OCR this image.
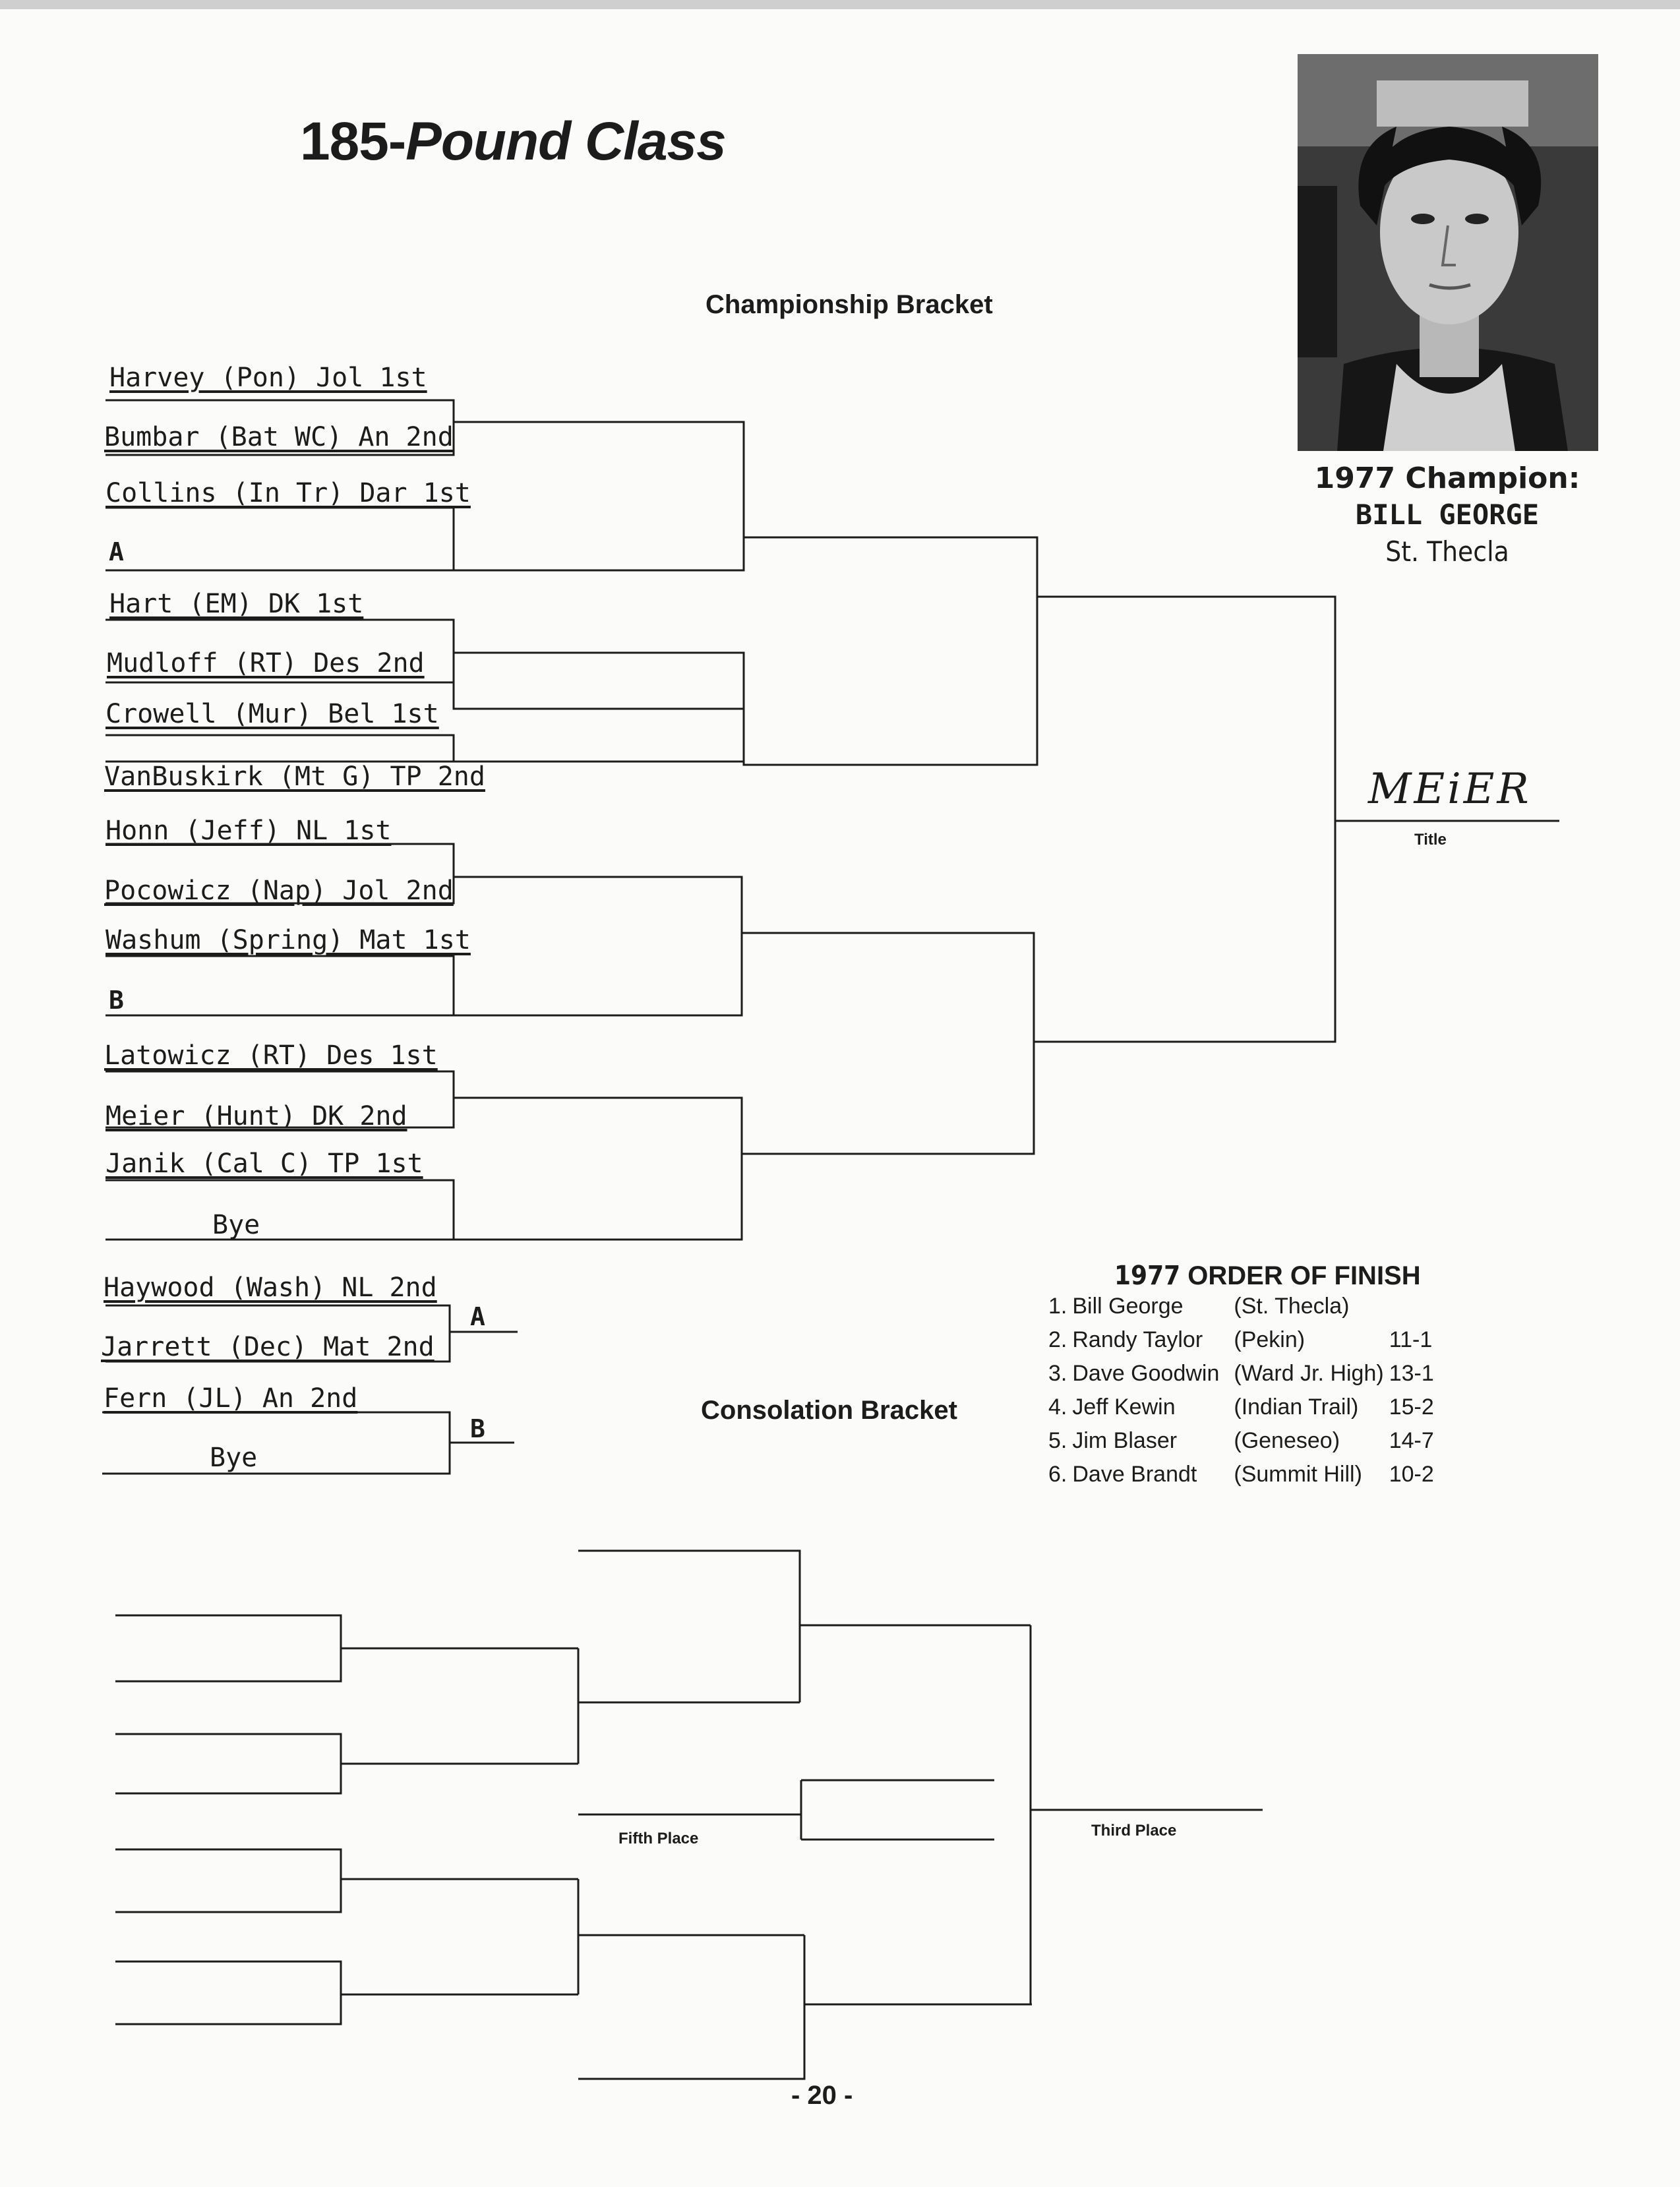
185-Pound Class
Championship Bracket
Consolation Bracket
1977 Champion:
BILL GEORGE
St. Thecla
Harvey (Pon) Jol 1st
Bumbar (Bat WC) An 2nd
Collins (In Tr) Dar 1st
A
Hart (EM) DK 1st
Mudloff (RT) Des 2nd
Crowell (Mur) Bel 1st
VanBuskirk (Mt G) TP 2nd
Honn (Jeff) NL 1st
Pocowicz (Nap) Jol 2nd
Washum (Spring) Mat 1st
B
Latowicz (RT) Des 1st
Meier (Hunt) DK 2nd
Janik (Cal C) TP 1st
Bye
Haywood (Wash) NL 2nd
Jarrett (Dec) Mat 2nd
Fern (JL) An 2nd
Bye
A
B
MEiER
Title
Fifth Place	Third Place
1977 ORDER OF FINISH
1.	Bill George	(St. Thecla)	
2.	Randy Taylor	(Pekin)	11-1
3.	Dave Goodwin	(Ward Jr. High)	13-1
4.	Jeff Kewin	(Indian Trail)	15-2
5.	Jim Blaser	(Geneseo)	14-7
6.	Dave Brandt	(Summit Hill)	10-2
- 20 -
